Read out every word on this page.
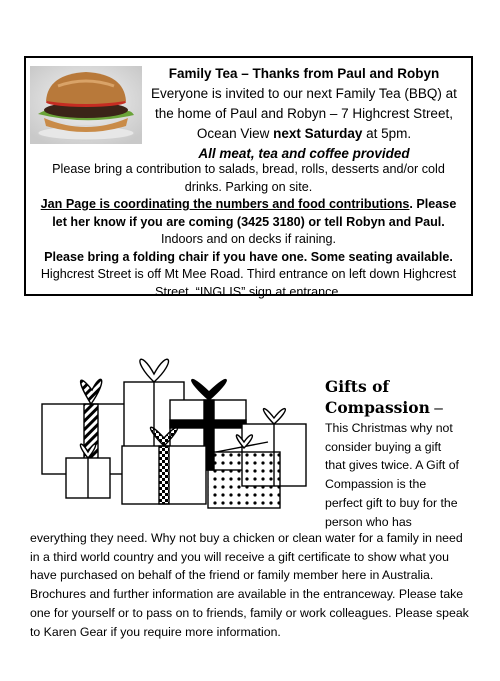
Family Tea – Thanks from Paul and Robyn
Everyone is invited to our next Family Tea (BBQ) at
the home of Paul and Robyn – 7 Highcrest Street,
Ocean View next Saturday at 5pm.
All meat, tea and coffee provided
Please bring a contribution to salads, bread, rolls, desserts and/or cold
drinks. Parking on site.
Jan Page is coordinating the numbers and food contributions. Please
let her know if you are coming (3425 3180) or tell Robyn and Paul.
Indoors and on decks if raining.
Please bring a folding chair if you have one. Some seating available.
Highcrest Street is off Mt Mee Road. Third entrance on left down Highcrest
Street. “INGLIS” sign at entrance.
Gifts of
Compassion –
This Christmas why not
consider buying a gift
that gives twice. A Gift of
Compassion is the
perfect gift to buy for the
person who has
everything they need. Why not buy a chicken or clean water for a family in need
in a third world country and you will receive a gift certificate to show what you
have purchased on behalf of the friend or family member here in Australia.
Brochures and further information are available in the entranceway. Please take
one for yourself or to pass on to friends, family or work colleagues. Please speak
to Karen Gear if you require more information.
